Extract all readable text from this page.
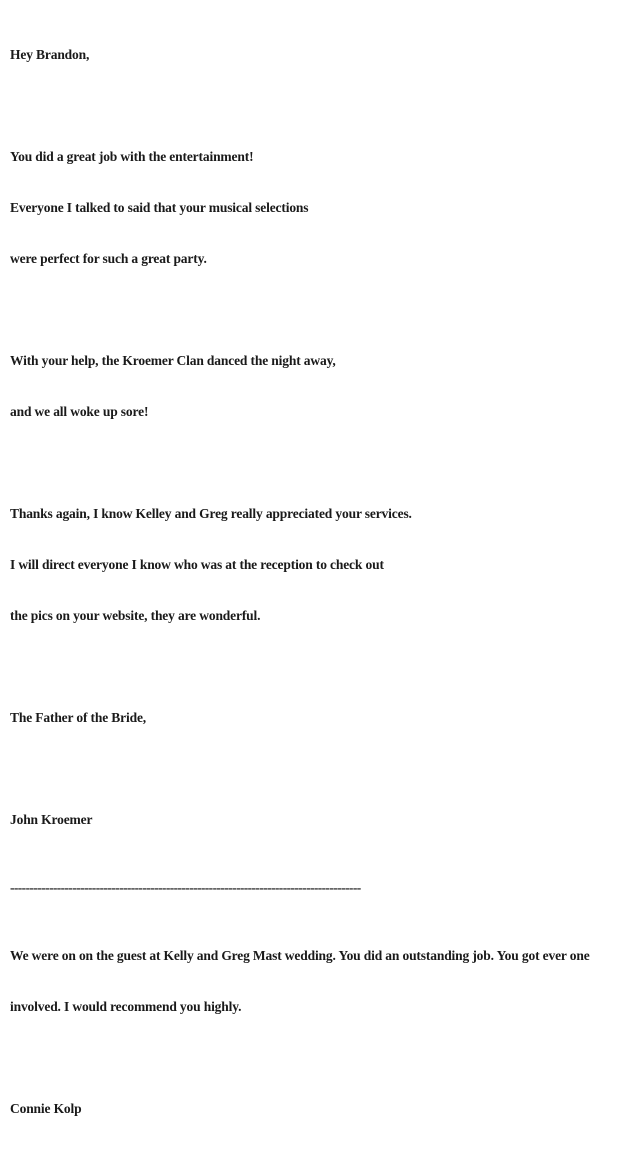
Hey Brandon,

You did a great job with the entertainment!

Everyone I talked to said that your musical selections

were perfect for such a great party.

With your help, the Kroemer Clan danced the night away,

and we all woke up sore!

Thanks again, I know Kelley and Greg really appreciated your services.

I will direct everyone I know who was at the reception to check out

the pics on your website, they are wonderful.

The Father of the Bride,

John Kroemer

------------------------------------------------------------------------------------------

We were on on the guest at Kelly and Greg Mast wedding. You did an outstanding job. You got ever one

involved. I would recommend you highly.

Connie Kolp
